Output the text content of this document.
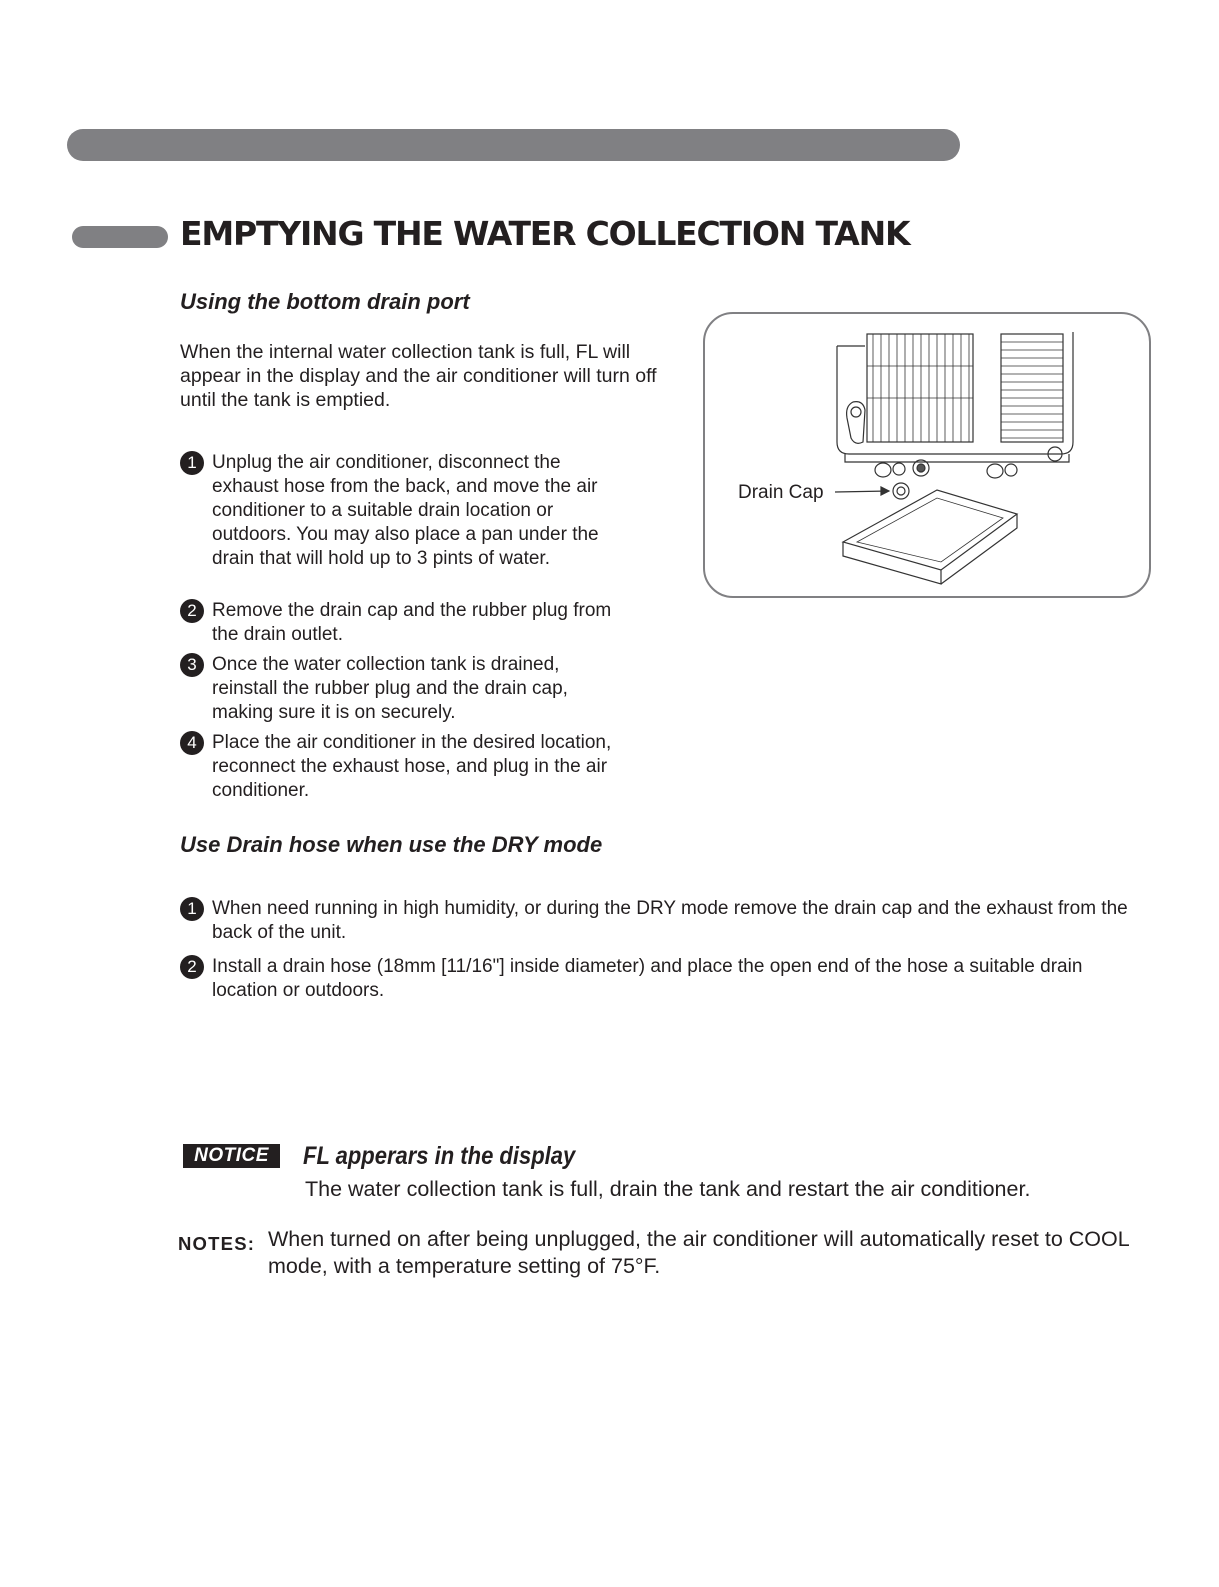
EMPTYING THE WATER COLLECTION TANK
Using the bottom drain port

When the internal water collection tank is full, FL will appear in the display and the air conditioner will turn off until the tank is emptied.

1 Unplug the air conditioner, disconnect the exhaust hose from the back, and move the air conditioner to a suitable drain location or outdoors. You may also place a pan under the drain that will hold up to 3 pints of water.

2 Remove the drain cap and the rubber plug from the drain outlet.

3 Once the water collection tank is drained, reinstall the rubber plug and the drain cap, making sure it is on securely.

4 Place the air conditioner in the desired location, reconnect the exhaust hose, and plug in the air conditioner.

Drain Cap
Use Drain hose when use the DRY mode
1 When need running in high humidity, or during the DRY mode remove the drain cap and the exhaust from the back of the unit.

2 Install a drain hose (18mm [11/16"] inside diameter) and place the open end of the hose a suitable drain location or outdoors.

NOTICE	FL apperars in the display

The water collection tank is full, drain the tank and restart the air conditioner.

NOTES: When turned on after being unplugged, the air conditioner will automatically reset to COOL mode, with a temperature setting of 75°F.
